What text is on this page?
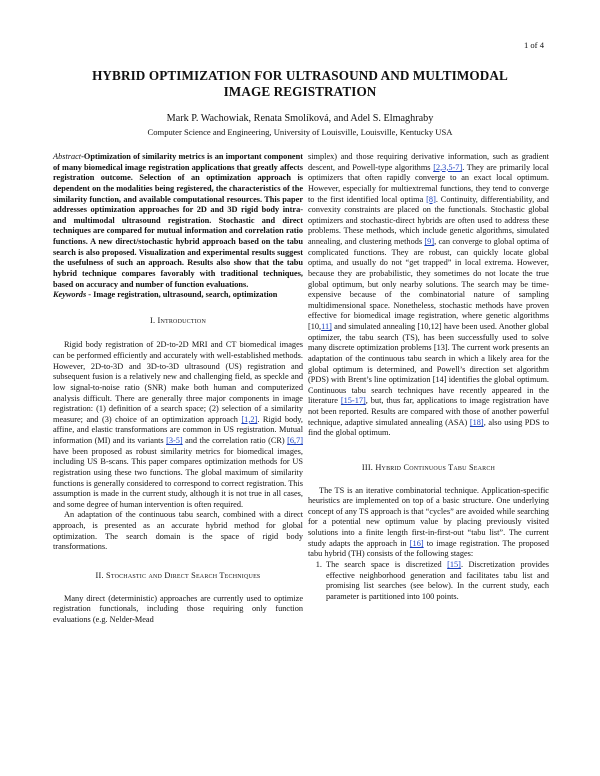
1 of 4
HYBRID OPTIMIZATION FOR ULTRASOUND AND MULTIMODAL
IMAGE REGISTRATION
Mark P. Wachowiak, Renata Smolíková, and Adel S. Elmaghraby
Computer Science and Engineering, University of Louisville, Louisville, Kentucky USA

Abstract-Optimization of similarity metrics is an important component of many biomedical image registration applications that greatly affects registration outcome. Selection of an optimization approach is dependent on the modalities being registered, the characteristics of the similarity function, and available computational resources. This paper addresses optimization approaches for 2D and 3D rigid body intra- and multimodal ultrasound registration. Stochastic and direct techniques are compared for mutual information and correlation ratio functions. A new direct/stochastic hybrid approach based on the tabu search is also proposed. Visualization and experimental results suggest the usefulness of such an approach. Results also show that the tabu hybrid technique compares favorably with traditional techniques, based on accuracy and number of function evaluations.

Keywords - Image registration, ultrasound, search, optimization

I. Introduction

Rigid body registration of 2D-to-2D MRI and CT biomedical images can be performed efficiently and accurately with well-established methods. However, 2D-to-3D and 3D-to-3D ultrasound (US) registration and subsequent fusion is a relatively new and challenging field, as speckle and low signal-to-noise ratio (SNR) make both human and computerized analysis difficult. There are generally three major components in image registration: (1) definition of a search space; (2) selection of a similarity measure; and (3) choice of an optimization approach [1,2]. Rigid body, affine, and elastic transformations are common in US registration. Mutual information (MI) and its variants [3-5] and the correlation ratio (CR) [6,7] have been proposed as robust similarity metrics for biomedical images, including US B-scans. This paper compares optimization methods for US registration using these two functions. The global maximum of similarity functions is generally considered to correspond to correct registration. This assumption is made in the current study, although it is not true in all cases, and some degree of human intervention is often required.

An adaptation of the continuous tabu search, combined with a direct approach, is presented as an accurate hybrid method for global optimization. The search domain is the space of rigid body transformations.

II. Stochastic and Direct Search Techniques

Many direct (deterministic) approaches are currently used to optimize registration functionals, including those requiring only function evaluations (e.g. Nelder-Mead

simplex) and those requiring derivative information, such as gradient descent, and Powell-type algorithms [2,3,5-7]. They are primarily local optimizers that often rapidly converge to an exact local optimum. However, especially for multiextremal functions, they tend to converge to the first identified local optima [8]. Continuity, differentiability, and convexity constraints are placed on the functionals. Stochastic global optimizers and stochastic-direct hybrids are often used to address these problems. These methods, which include genetic algorithms, simulated annealing, and clustering methods [9], can converge to global optima of complicated functions. They are robust, can quickly locate global optima, and usually do not “get trapped” in local extrema. However, because they are probabilistic, they sometimes do not locate the true global optimum, but only nearby solutions. The search may be time-expensive because of the combinatorial nature of sampling multidimensional space. Nonetheless, stochastic methods have proven effective for biomedical image registration, where genetic algorithms [10,11] and simulated annealing [10,12] have been used. Another global optimizer, the tabu search (TS), has been successfully used to solve many discrete optimization problems [13]. The current work presents an adaptation of the continuous tabu search in which a likely area for the global optimum is determined, and Powell’s direction set algorithm (PDS) with Brent’s line optimization [14] identifies the global optimum. Continuous tabu search techniques have recently appeared in the literature [15-17], but, thus far, applications to image registration have not been reported. Results are compared with those of another powerful technique, adaptive simulated annealing (ASA) [18], also using PDS to find the global optimum.

III. Hybrid Continuous Tabu Search

The TS is an iterative combinatorial technique. Application-specific heuristics are implemented on top of a basic structure. One underlying concept of any TS approach is that “cycles” are avoided while searching for a potential new optimum value by placing previously visited solutions into a finite length first-in-first-out “tabu list”. The current study adapts the approach in [16] to image registration. The proposed tabu hybrid (TH) consists of the following stages:

1. The search space is discretized [15]. Discretization provides effective neighborhood generation and facilitates tabu list and promising list searches (see below). In the current study, each parameter is partitioned into 100 points.
